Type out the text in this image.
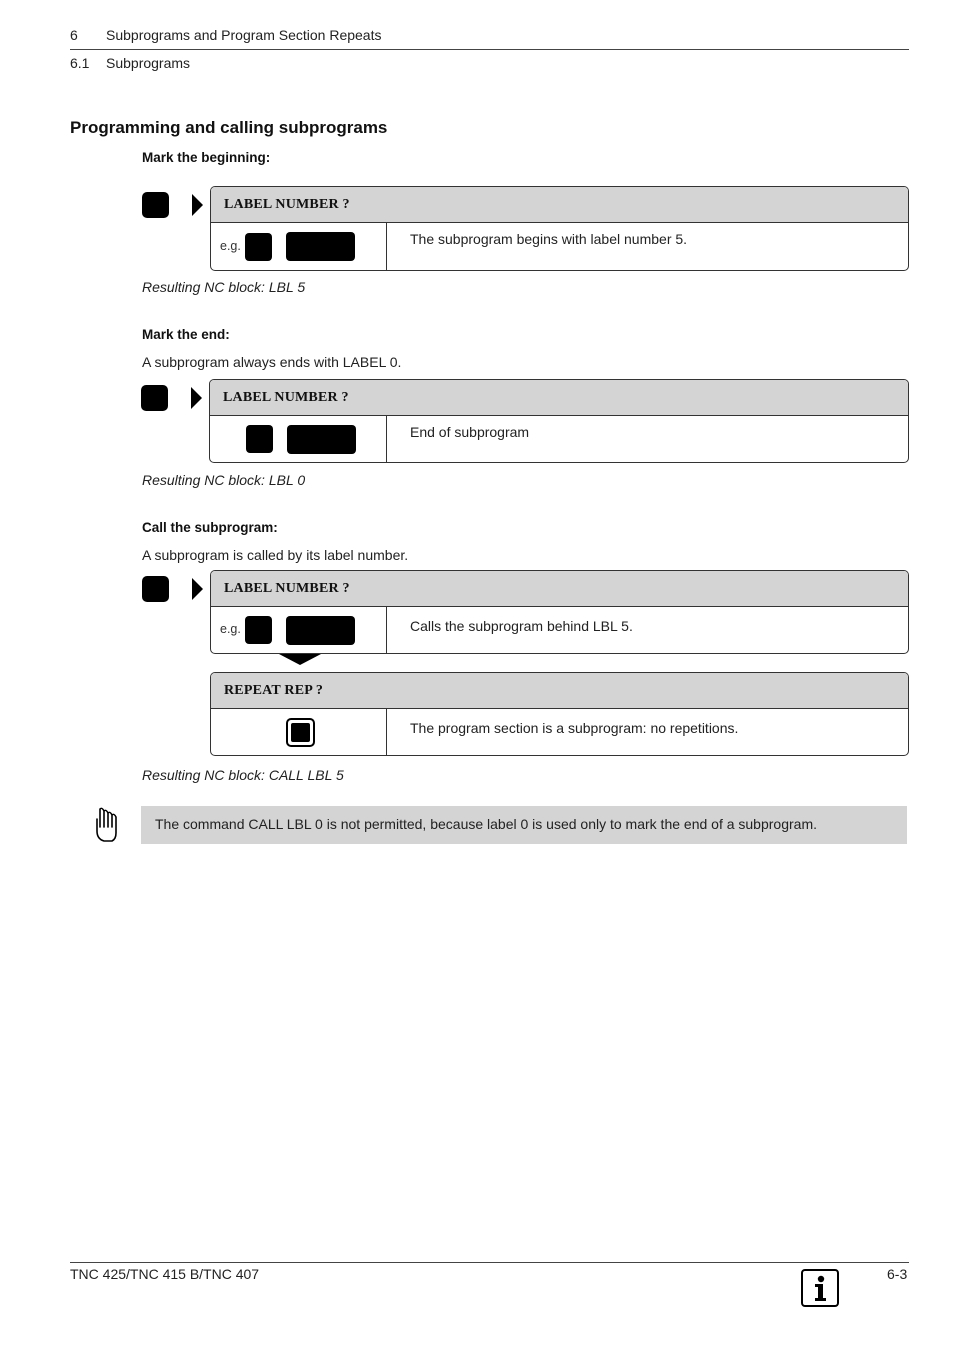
6 Subprograms and Program Section Repeats
6.1 Subprograms
Programming and calling subprograms
Mark the beginning:
LABEL NUMBER ?
e.g.	The subprogram begins with label number 5.
Resulting NC block: LBL 5
Mark the end:
A subprogram always ends with LABEL 0.
LABEL NUMBER ?
End of subprogram
Resulting NC block: LBL 0
Call the subprogram:
A subprogram is called by its label number.
LABEL NUMBER ?
e.g.	Calls the subprogram behind LBL 5.
REPEAT REP ?
The program section is a subprogram: no repetitions.
Resulting NC block: CALL LBL 5
The command CALL LBL 0 is not permitted, because label 0 is used only to mark the end of a subprogram.
TNC 425/TNC 415 B/TNC 407	6-3
